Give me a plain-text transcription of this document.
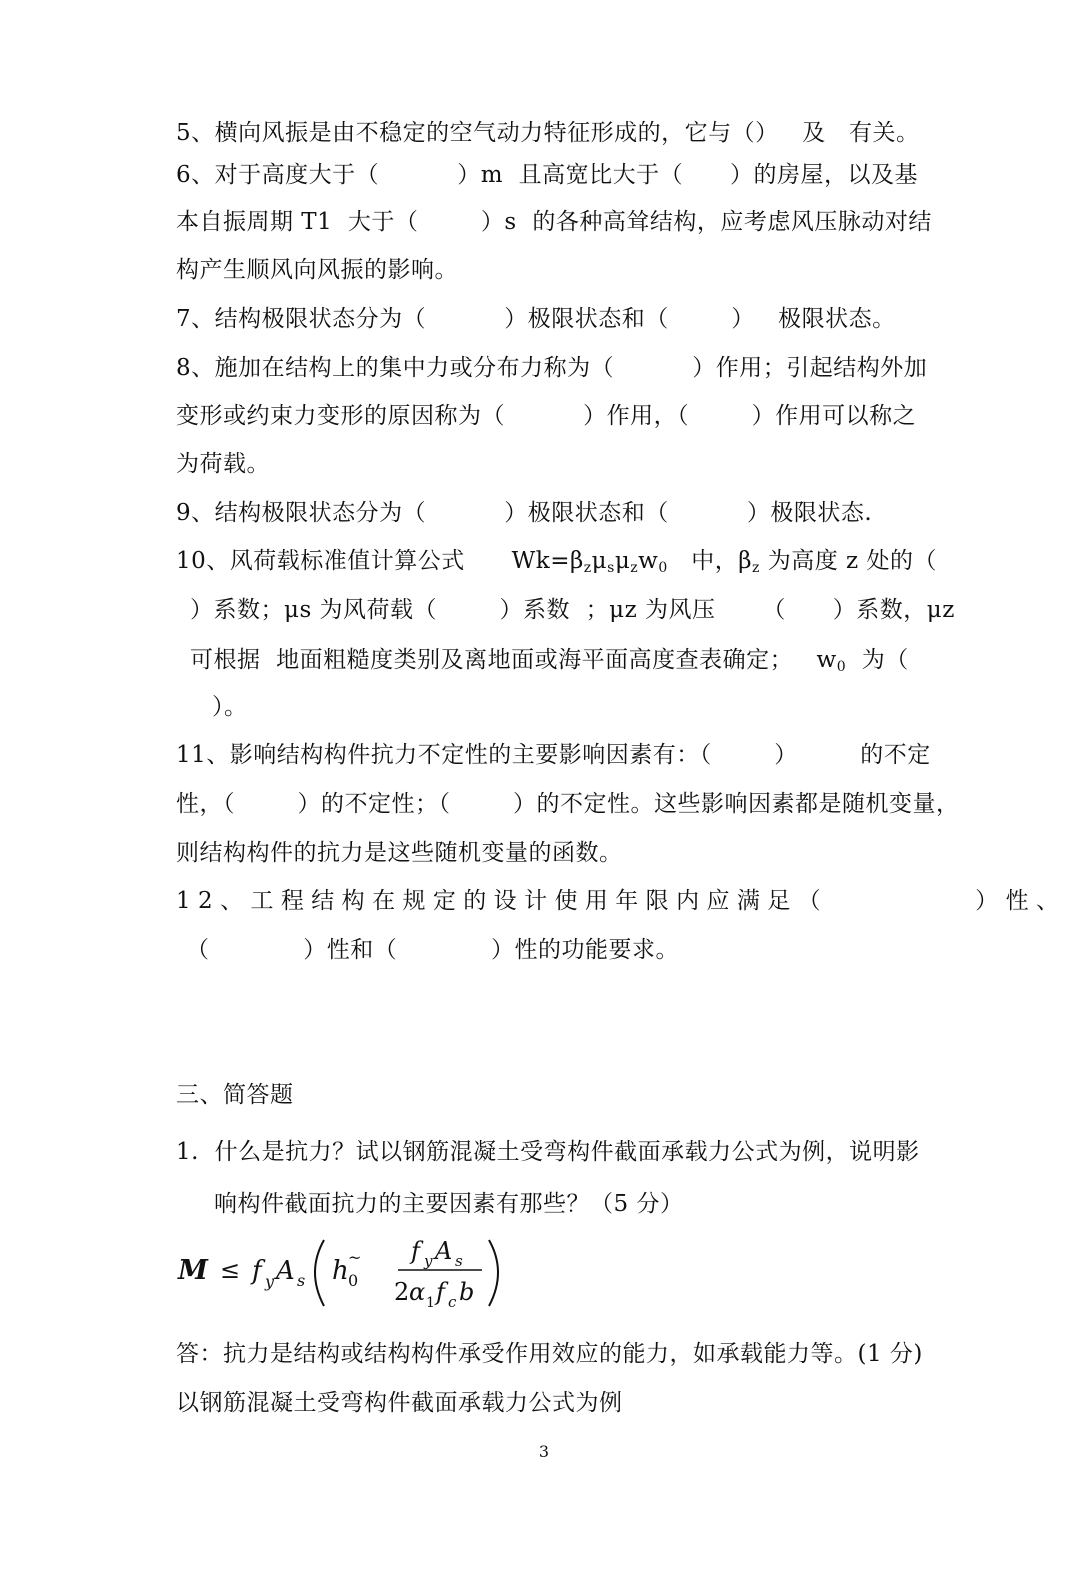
5、横向风振是由不稳定的空气动力特征形成的，它与（）   及   有关。
6、对于高度大于（          ）m  且高宽比大于（      ）的房屋，以及基
本自振周期 T1  大于（        ）s  的各种高耸结构，应考虑风压脉动对结
构产生顺风向风振的影响。
7、结构极限状态分为（          ）极限状态和（        ）   极限状态。
8、施加在结构上的集中力或分布力称为（          ）作用；引起结构外加
变形或约束力变形的原因称为（          ）作用，（        ）作用可以称之
为荷载。
9、结构极限状态分为（          ）极限状态和（          ）极限状态.
10、风荷载标准值计算公式      $Wk=\beta_z\mu_s\mu_zw_0$   中，$\beta_z$ 为高度 z 处的（
）系数；μs 为风荷载（        ）系数  ；μz 为风压      （      ）系数，μz
可根据  地面粗糙度类别及离地面或海平面高度查表确定；   $w_0$  为（
）。
11、影响结构构件抗力不定性的主要影响因素有：（        ）        的不定
性，（        ）的不定性；（        ）的不定性。这些影响因素都是随机变量，
则结构构件的抗力是这些随机变量的函数。
12、工程结构在规定的设计使用年限内应满足（          ）性、
（            ）性和（            ）性的功能要求。
三、简答题
1.  什么是抗力？试以钢筋混凝土受弯构件截面承载力公式为例，说明影
响构件截面抗力的主要因素有那些？（5 分）
M ≤ f y A s h 0
~ f y A s
2 α 1 f c b
答：抗力是结构或结构构件承受作用效应的能力，如承载能力等。(1 分)
以钢筋混凝土受弯构件截面承载力公式为例
3
